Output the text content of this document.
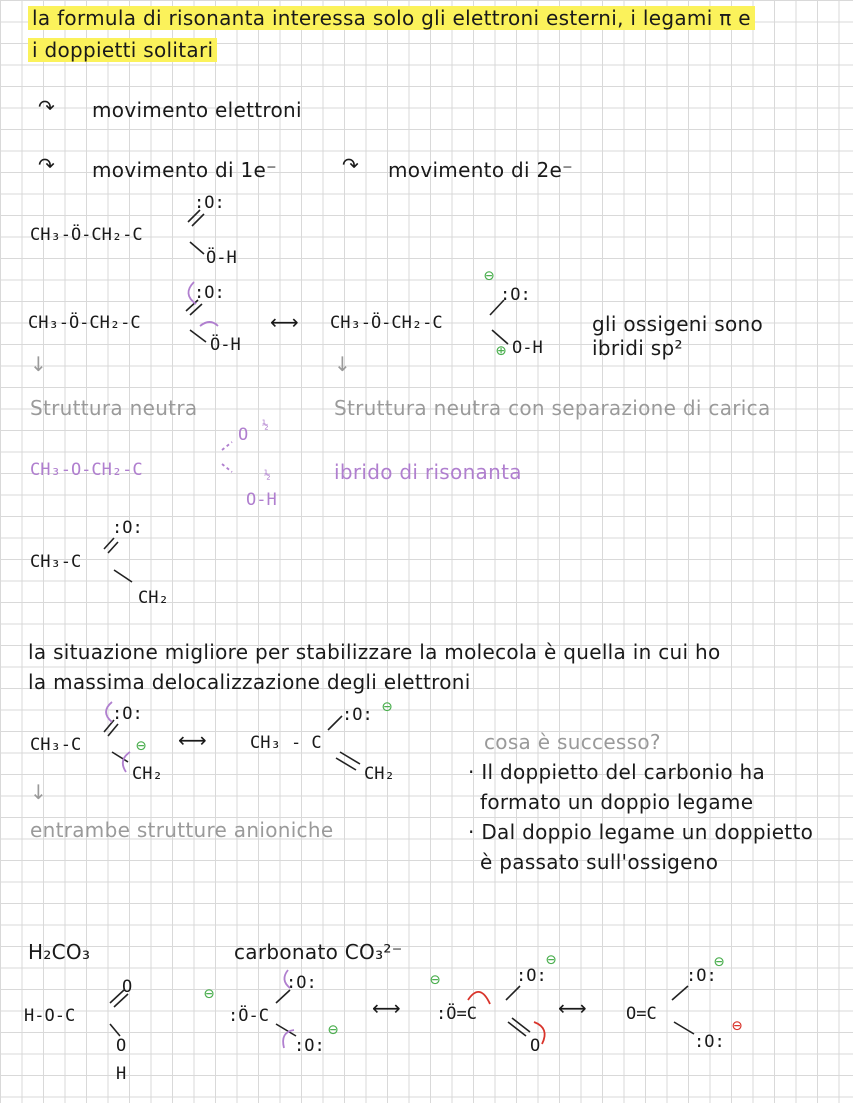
la formula di risonanta interessa solo gli elettroni esterni, i legami π e
i doppietti solitari
↷ movimento elettroni
↷ movimento di 1e⁻	↷ movimento di 2e⁻
:O:
CH₃-Ö-CH₂-C
Ö-H
:O:
CH₃-Ö-CH₂-C
Ö-H
⟷
⊖
:O:
CH₃-Ö-CH₂-C
⊕ O-H
gli ossigeni sono ibridi sp²
↓	↓
Struttura neutra	Struttura neutra con separazione di carica
O
½
CH₃-O-CH₂-C	½
O-H
ibrido di risonanta
:O:
CH₃-C
CH₂
la situazione migliore per stabilizzare la molecola è quella in cui ho
la massima delocalizzazione degli elettroni
:O:
CH₃-C	⊖
CH₂
⟷
:O: ⊖
CH₃ - C
CH₂
↓
entrambe strutture anioniche
cosa è successo?
· Il doppietto del carbonio ha
formato un doppio legame
· Dal doppio legame un doppietto
è passato sull'ossigeno
H₂CO₃
O
H-O-C
O
H
carbonato CO₃²⁻
⊖
:O:
:Ö-C
:O:
⊖
⟷
⊖	:O:
⊖
:Ö=C
O
⟷
:O:
⊖
O=C
:O:
⊖
